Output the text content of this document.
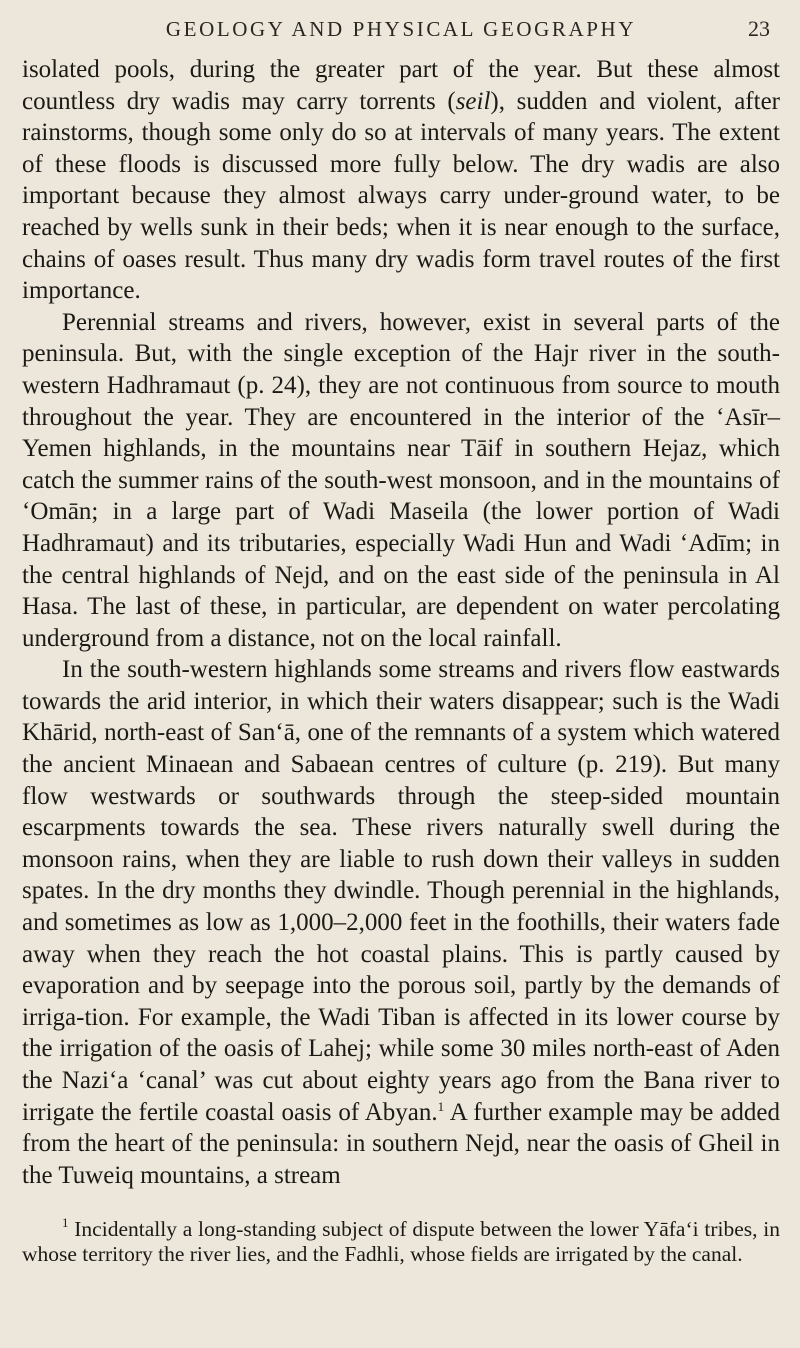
GEOLOGY AND PHYSICAL GEOGRAPHY	23

isolated pools, during the greater part of the year. But these almost countless dry wadis may carry torrents (seil), sudden and violent, after rainstorms, though some only do so at intervals of many years. The extent of these floods is discussed more fully below. The dry wadis are also important because they almost always carry under-ground water, to be reached by wells sunk in their beds; when it is near enough to the surface, chains of oases result. Thus many dry wadis form travel routes of the first importance.

Perennial streams and rivers, however, exist in several parts of the peninsula. But, with the single exception of the Hajr river in the south-western Hadhramaut (p. 24), they are not continuous from source to mouth throughout the year. They are encountered in the interior of the ‘Asīr–Yemen highlands, in the mountains near Tāif in southern Hejaz, which catch the summer rains of the south-west monsoon, and in the mountains of ‘Omān; in a large part of Wadi Maseila (the lower portion of Wadi Hadhramaut) and its tributaries, especially Wadi Hun and Wadi ‘Adīm; in the central highlands of Nejd, and on the east side of the peninsula in Al Hasa. The last of these, in particular, are dependent on water percolating underground from a distance, not on the local rainfall.

In the south-western highlands some streams and rivers flow eastwards towards the arid interior, in which their waters disappear; such is the Wadi Khārid, north-east of San‘ā, one of the remnants of a system which watered the ancient Minaean and Sabaean centres of culture (p. 219). But many flow westwards or southwards through the steep-sided mountain escarpments towards the sea. These rivers naturally swell during the monsoon rains, when they are liable to rush down their valleys in sudden spates. In the dry months they dwindle. Though perennial in the highlands, and sometimes as low as 1,000–2,000 feet in the foothills, their waters fade away when they reach the hot coastal plains. This is partly caused by evaporation and by seepage into the porous soil, partly by the demands of irriga-tion. For example, the Wadi Tiban is affected in its lower course by the irrigation of the oasis of Lahej; while some 30 miles north-east of Aden the Nazi‘a ‘canal’ was cut about eighty years ago from the Bana river to irrigate the fertile coastal oasis of Abyan.$^1$ A further example may be added from the heart of the peninsula: in southern Nejd, near the oasis of Gheil in the Tuweiq mountains, a stream

$^1$ Incidentally a long-standing subject of dispute between the lower Yāfa‘i tribes, in whose territory the river lies, and the Fadhli, whose fields are irrigated by the canal.
